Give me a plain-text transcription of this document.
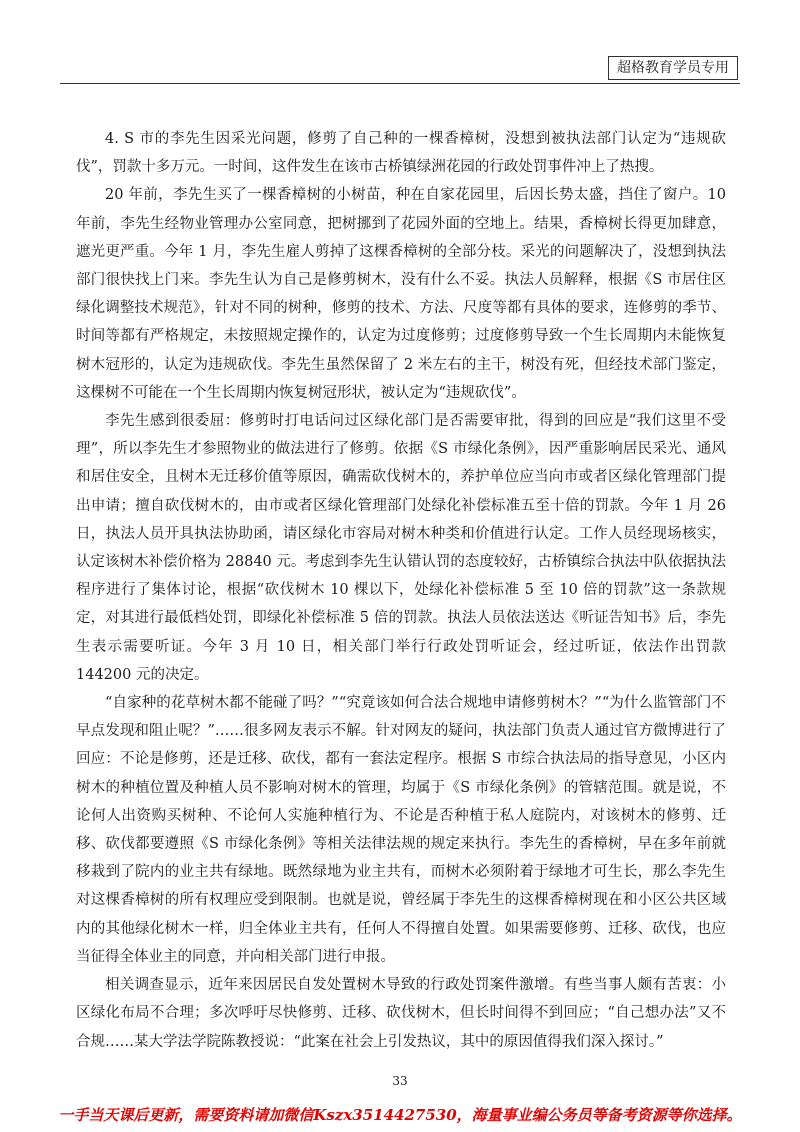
超格教育学员专用

4. S 市的李先生因采光问题，修剪了自己种的一棵香樟树，没想到被执法部门认定为“违规砍伐”，罚款十多万元。一时间，这件发生在该市古桥镇绿洲花园的行政处罚事件冲上了热搜。

20 年前，李先生买了一棵香樟树的小树苗，种在自家花园里，后因长势太盛，挡住了窗户。10 年前，李先生经物业管理办公室同意，把树挪到了花园外面的空地上。结果，香樟树长得更加肆意，遮光更严重。今年 1 月，李先生雇人剪掉了这棵香樟树的全部分枝。采光的问题解决了，没想到执法部门很快找上门来。李先生认为自己是修剪树木，没有什么不妥。执法人员解释，根据《S 市居住区绿化调整技术规范》，针对不同的树种，修剪的技术、方法、尺度等都有具体的要求，连修剪的季节、时间等都有严格规定，未按照规定操作的，认定为过度修剪；过度修剪导致一个生长周期内未能恢复树木冠形的，认定为违规砍伐。李先生虽然保留了 2 米左右的主干，树没有死，但经技术部门鉴定，这棵树不可能在一个生长周期内恢复树冠形状，被认定为“违规砍伐”。

李先生感到很委屈：修剪时打电话问过区绿化部门是否需要审批，得到的回应是“我们这里不受理”，所以李先生才参照物业的做法进行了修剪。依据《S 市绿化条例》，因严重影响居民采光、通风和居住安全，且树木无迁移价值等原因，确需砍伐树木的，养护单位应当向市或者区绿化管理部门提出申请；擅自砍伐树木的，由市或者区绿化管理部门处绿化补偿标准五至十倍的罚款。今年 1 月 26 日，执法人员开具执法协助函，请区绿化市容局对树木种类和价值进行认定。工作人员经现场核实，认定该树木补偿价格为 28840 元。考虑到李先生认错认罚的态度较好，古桥镇综合执法中队依据执法程序进行了集体讨论，根据“砍伐树木 10 棵以下，处绿化补偿标准 5 至 10 倍的罚款”这一条款规定，对其进行最低档处罚，即绿化补偿标准 5 倍的罚款。执法人员依法送达《听证告知书》后，李先生表示需要听证。今年 3 月 10 日，相关部门举行行政处罚听证会，经过听证，依法作出罚款 144200 元的决定。

“自家种的花草树木都不能碰了吗？”“究竟该如何合法合规地申请修剪树木？”“为什么监管部门不早点发现和阻止呢？”……很多网友表示不解。针对网友的疑问，执法部门负责人通过官方微博进行了回应：不论是修剪，还是迁移、砍伐，都有一套法定程序。根据 S 市综合执法局的指导意见，小区内树木的种植位置及种植人员不影响对树木的管理，均属于《S 市绿化条例》的管辖范围。就是说，不论何人出资购买树种、不论何人实施种植行为、不论是否种植于私人庭院内，对该树木的修剪、迁移、砍伐都要遵照《S 市绿化条例》等相关法律法规的规定来执行。李先生的香樟树，早在多年前就移栽到了院内的业主共有绿地。既然绿地为业主共有，而树木必须附着于绿地才可生长，那么李先生对这棵香樟树的所有权理应受到限制。也就是说，曾经属于李先生的这棵香樟树现在和小区公共区域内的其他绿化树木一样，归全体业主共有，任何人不得擅自处置。如果需要修剪、迁移、砍伐，也应当征得全体业主的同意，并向相关部门进行申报。

相关调查显示，近年来因居民自发处置树木导致的行政处罚案件激增。有些当事人颇有苦衷：小区绿化布局不合理；多次呼吁尽快修剪、迁移、砍伐树木，但长时间得不到回应；“自己想办法”又不合规……某大学法学院陈教授说：“此案在社会上引发热议，其中的原因值得我们深入探讨。”

33
一手当天课后更新，需要资料请加微信Kszx3514427530，海量事业编公务员等备考资源等你选择。
